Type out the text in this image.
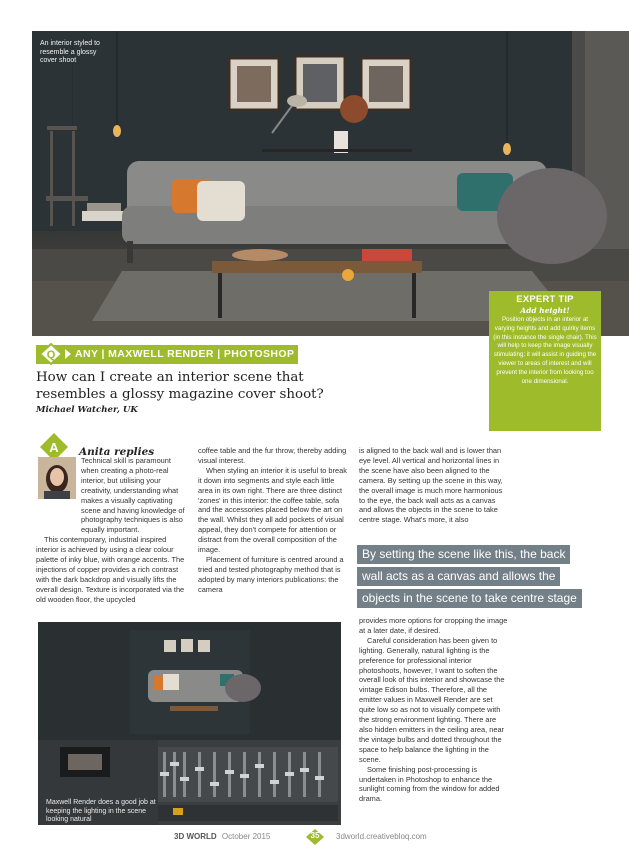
An interior styled to resemble a glossy cover shoot
EXPERT TIP
Add height!
Position objects in an interior at varying heights and add quirky items (in this instance the single chair). This will help to keep the image visually stimulating; it will assist in guiding the viewer to areas of interest and will prevent the interior from looking too one dimensional.
Q ANY | MAXWELL RENDER | PHOTOSHOP
How can I create an interior scene that resembles a glossy magazine cover shoot?
Michael Watcher, UK
A Anita replies

Technical skill is paramount when creating a photo-real interior, but utilising your creativity, understanding what makes a visually captivating scene and having knowledge of photography techniques is also equally important.

This contemporary, industrial inspired interior is achieved by using a clear colour palette of inky blue, with orange accents. The injections of copper provides a rich contrast with the dark backdrop and visually lifts the overall design. Texture is incorporated via the old wooden floor, the upcycled

coffee table and the fur throw, thereby adding visual interest.

When styling an interior it is useful to break it down into segments and style each little area in its own right. There are three distinct 'zones' in this interior: the coffee table, sofa and the accessories placed below the art on the wall. Whilst they all add pockets of visual appeal, they don't compete for attention or distract from the overall composition of the image.

Placement of furniture is centred around a tried and tested photography method that is adopted by many interiors publications: the camera

is aligned to the back wall and is lower than eye level. All vertical and horizontal lines in the scene have also been aligned to the camera. By setting up the scene in this way, the overall image is much more harmonious to the eye, the back wall acts as a canvas and allows the objects in the scene to take centre stage. What's more, it also

By setting the scene like this, the back
wall acts as a canvas and allows the
objects in the scene to take centre stage

provides more options for cropping the image at a later date, if desired.

Careful consideration has been given to lighting. Generally, natural lighting is the preference for professional interior photoshoots, however, I want to soften the overall look of this interior and showcase the vintage Edison bulbs. Therefore, all the emitter values in Maxwell Render are set quite low so as not to visually compete with the strong environment lighting. There are also hidden emitters in the ceiling area, near the vintage bulbs and dotted throughout the space to help balance the lighting in the scene.

Some finishing post-processing is undertaken in Photoshop to enhance the sunlight coming from the window for added drama.

Maxwell Render does a good job at keeping the lighting in the scene looking natural
3D WORLD October 2015	35	3dworld.creativebloq.com
